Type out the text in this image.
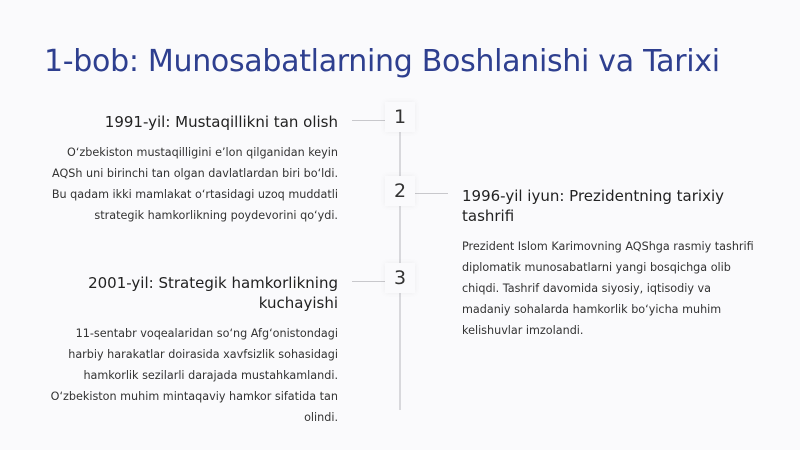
1-bob: Munosabatlarning Boshlanishi va Tarixi
1
1991-yil: Mustaqillikni tan olish
O‘zbekiston mustaqilligini e’lon qilganidan keyin AQSh uni birinchi tan olgan davlatlardan biri bo‘ldi. Bu qadam ikki mamlakat o‘rtasidagi uzoq muddatli strategik hamkorlikning poydevorini qo‘ydi.
2	1996-yil iyun: Prezidentning tarixiy tashrifi
Prezident Islom Karimovning AQShga rasmiy tashrifi diplomatik munosabatlarni yangi bosqichga olib chiqdi. Tashrif davomida siyosiy, iqtisodiy va madaniy sohalarda hamkorlik bo‘yicha muhim kelishuvlar imzolandi.
3
2001-yil: Strategik hamkorlikning kuchayishi
11-sentabr voqealaridan so‘ng Afg‘onistondagi harbiy harakatlar doirasida xavfsizlik sohasidagi hamkorlik sezilarli darajada mustahkamlandi. O‘zbekiston muhim mintaqaviy hamkor sifatida tan olindi.
